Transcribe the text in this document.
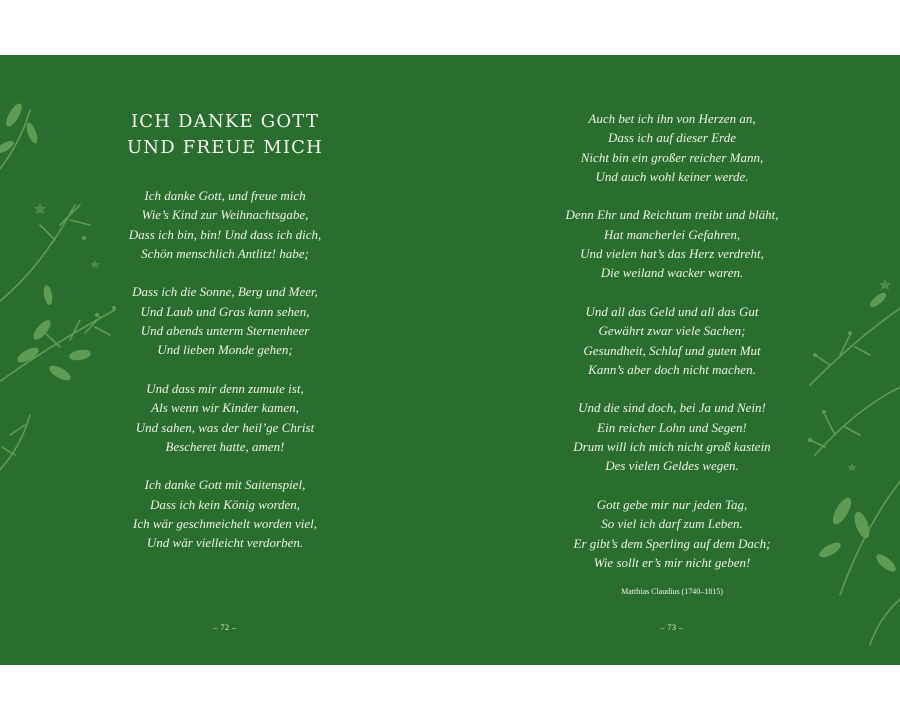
ICH DANKE GOTT
UND FREUE MICH
Ich danke Gott, und freue mich
Wie’s Kind zur Weihnachtsgabe,
Dass ich bin, bin! Und dass ich dich,
Schön menschlich Antlitz! habe;
Dass ich die Sonne, Berg und Meer,
Und Laub und Gras kann sehen,
Und abends unterm Sternenheer
Und lieben Monde gehen;
Und dass mir denn zumute ist,
Als wenn wir Kinder kamen,
Und sahen, was der heil’ge Christ
Bescheret hatte, amen!
Ich danke Gott mit Saitenspiel,
Dass ich kein König worden,
Ich wär geschmeichelt worden viel,
Und wär vielleicht verdorben.
– 72 –
Auch bet ich ihn von Herzen an,
Dass ich auf dieser Erde
Nicht bin ein großer reicher Mann,
Und auch wohl keiner werde.
Denn Ehr und Reichtum treibt und bläht,
Hat mancherlei Gefahren,
Und vielen hat’s das Herz verdreht,
Die weiland wacker waren.
Und all das Geld und all das Gut
Gewährt zwar viele Sachen;
Gesundheit, Schlaf und guten Mut
Kann’s aber doch nicht machen.
Und die sind doch, bei Ja und Nein!
Ein reicher Lohn und Segen!
Drum will ich mich nicht groß kastein
Des vielen Geldes wegen.
Gott gebe mir nur jeden Tag,
So viel ich darf zum Leben.
Er gibt’s dem Sperling auf dem Dach;
Wie sollt er’s mir nicht geben!
Matthias Claudius (1740–1815)
– 73 –
